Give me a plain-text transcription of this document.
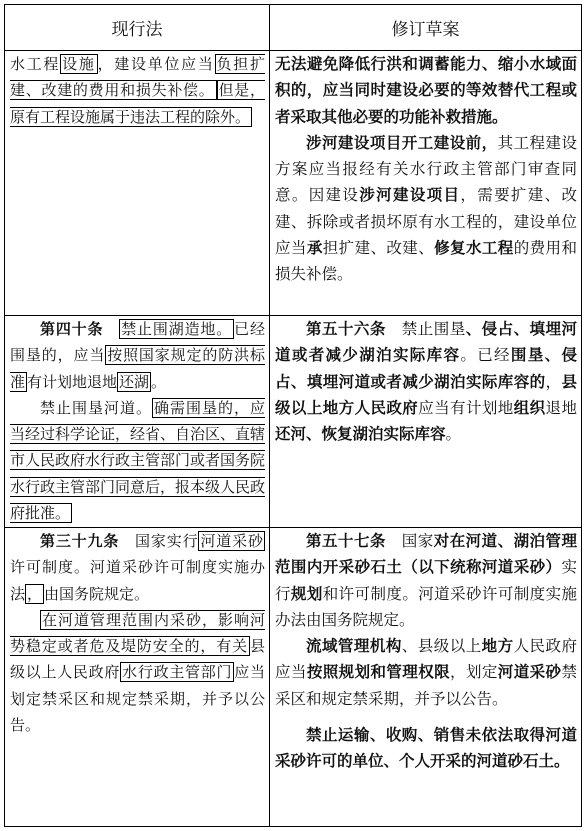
现行法	修订草案

水工程 设施 ，建设单位应当 负担扩建、改建的费用和损失补偿。 但是，原有工程设施属于违法工程的除外。

无法避免降低行洪和调蓄能力、缩小水域面积的，应当同时建设必要的等效替代工程或者采取其他必要的功能补救措施。

涉河建设项目开工建设前，其工程建设方案应当报经有关水行政主管部门审查同意。因建设涉河建设项目，需要扩建、改建、拆除或者损坏原有水工程的，建设单位应当承担扩建、改建、修复水工程的费用和损失补偿。

第四十条　 禁止围湖造地。 已经围垦的，应当 按照国家规定的防洪标准 有计划地退地 还湖 。

禁止围垦河道。 确需围垦的，应当经过科学论证，经省、自治区、直辖市人民政府水行政主管部门或者国务院水行政主管部门同意后，报本级人民政府批准。

第五十六条　禁止围垦、侵占、填埋河道或者减少湖泊实际库容。已经围垦、侵占、填埋河道或者减少湖泊实际库容的，县级以上地方人民政府应当有计划地组织退地还河、恢复湖泊实际库容。

第三十九条　国家实行 河道采砂许可制度。河道采砂许可制度实施办法 ， 由国务院规定。

在河道管理范围内采砂，影响河势稳定或者危及堤防安全的，有关 县级以上人民政府 水行政主管部门 应当划定禁采区和规定禁采期，并予以公告。

第五十七条　国家对在河道、湖泊管理范围内开采砂石土（以下统称河道采砂）实行规划和许可制度。河道采砂许可制度实施办法由国务院规定。

流域管理机构、县级以上地方人民政府应当按照规划和管理权限，划定河道采砂禁采区和规定禁采期，并予以公告。

禁止运输、收购、销售未依法取得河道采砂许可的单位、个人开采的河道砂石土。
